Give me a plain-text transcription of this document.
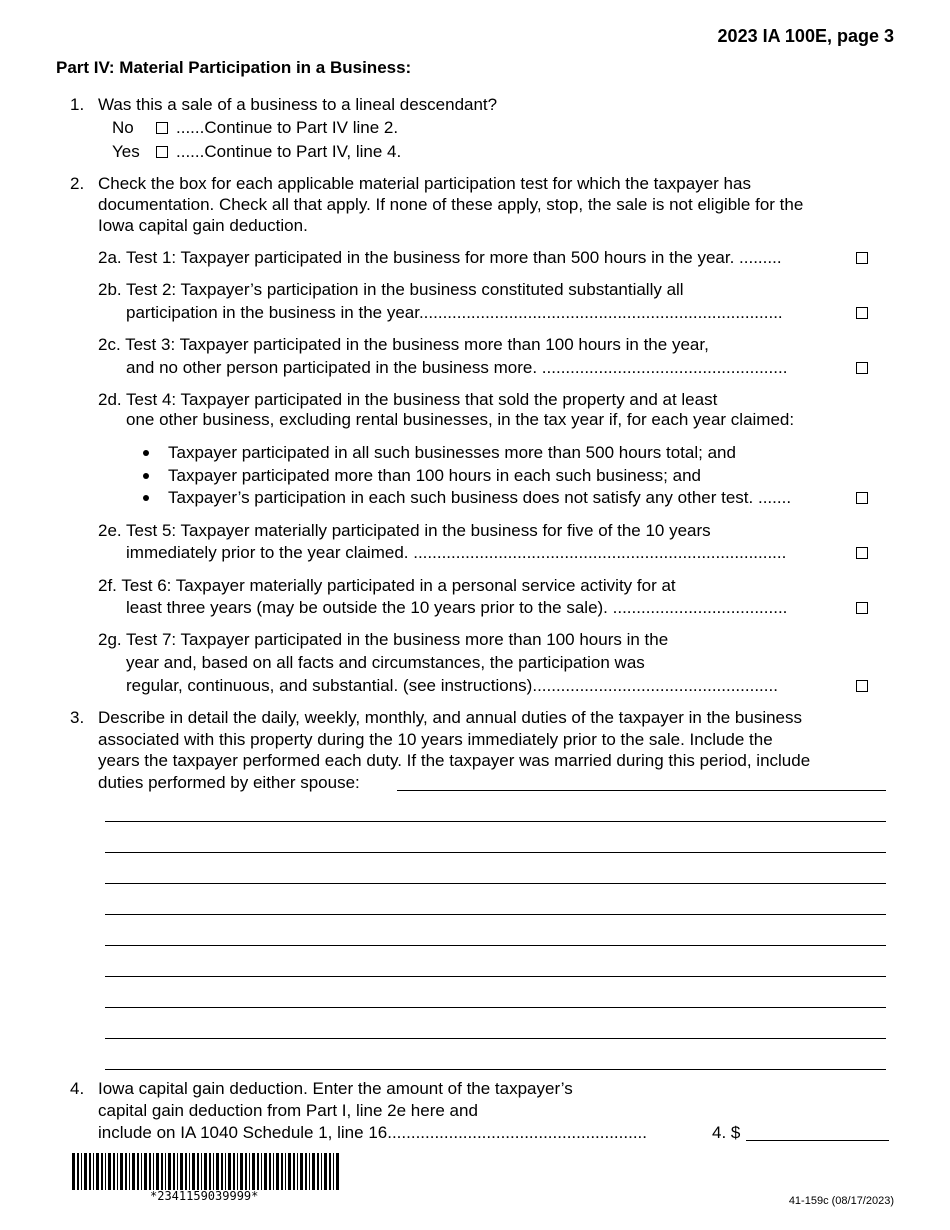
2023 IA 100E, page 3
Part IV: Material Participation in a Business:
1. Was this a sale of a business to a lineal descendant?
No ......Continue to Part IV line 2.
Yes ......Continue to Part IV, line 4.
2. Check the box for each applicable material participation test for which the taxpayer has
documentation. Check all that apply. If none of these apply, stop, the sale is not eligible for the
Iowa capital gain deduction.
2a. Test 1: Taxpayer participated in the business for more than 500 hours in the year. .........
2b. Test 2: Taxpayer’s participation in the business constituted substantially all
participation in the business in the year.............................................................................
2c. Test 3: Taxpayer participated in the business more than 100 hours in the year,
and no other person participated in the business more. ....................................................
2d. Test 4: Taxpayer participated in the business that sold the property and at least
one other business, excluding rental businesses, in the tax year if, for each year claimed:
Taxpayer participated in all such businesses more than 500 hours total; and
Taxpayer participated more than 100 hours in each such business; and
Taxpayer’s participation in each such business does not satisfy any other test. .......
2e. Test 5: Taxpayer materially participated in the business for five of the 10 years
immediately prior to the year claimed. ...............................................................................
2f. Test 6: Taxpayer materially participated in a personal service activity for at
least three years (may be outside the 10 years prior to the sale). .....................................
2g. Test 7: Taxpayer participated in the business more than 100 hours in the
year and, based on all facts and circumstances, the participation was
regular, continuous, and substantial. (see instructions)....................................................
3. Describe in detail the daily, weekly, monthly, and annual duties of the taxpayer in the business
associated with this property during the 10 years immediately prior to the sale. Include the
years the taxpayer performed each duty. If the taxpayer was married during this period, include
duties performed by either spouse:
4. Iowa capital gain deduction. Enter the amount of the taxpayer’s
capital gain deduction from Part I, line 2e here and
include on IA 1040 Schedule 1, line 16.......................................................	4. $
*2341159039999*	41-159c (08/17/2023)
